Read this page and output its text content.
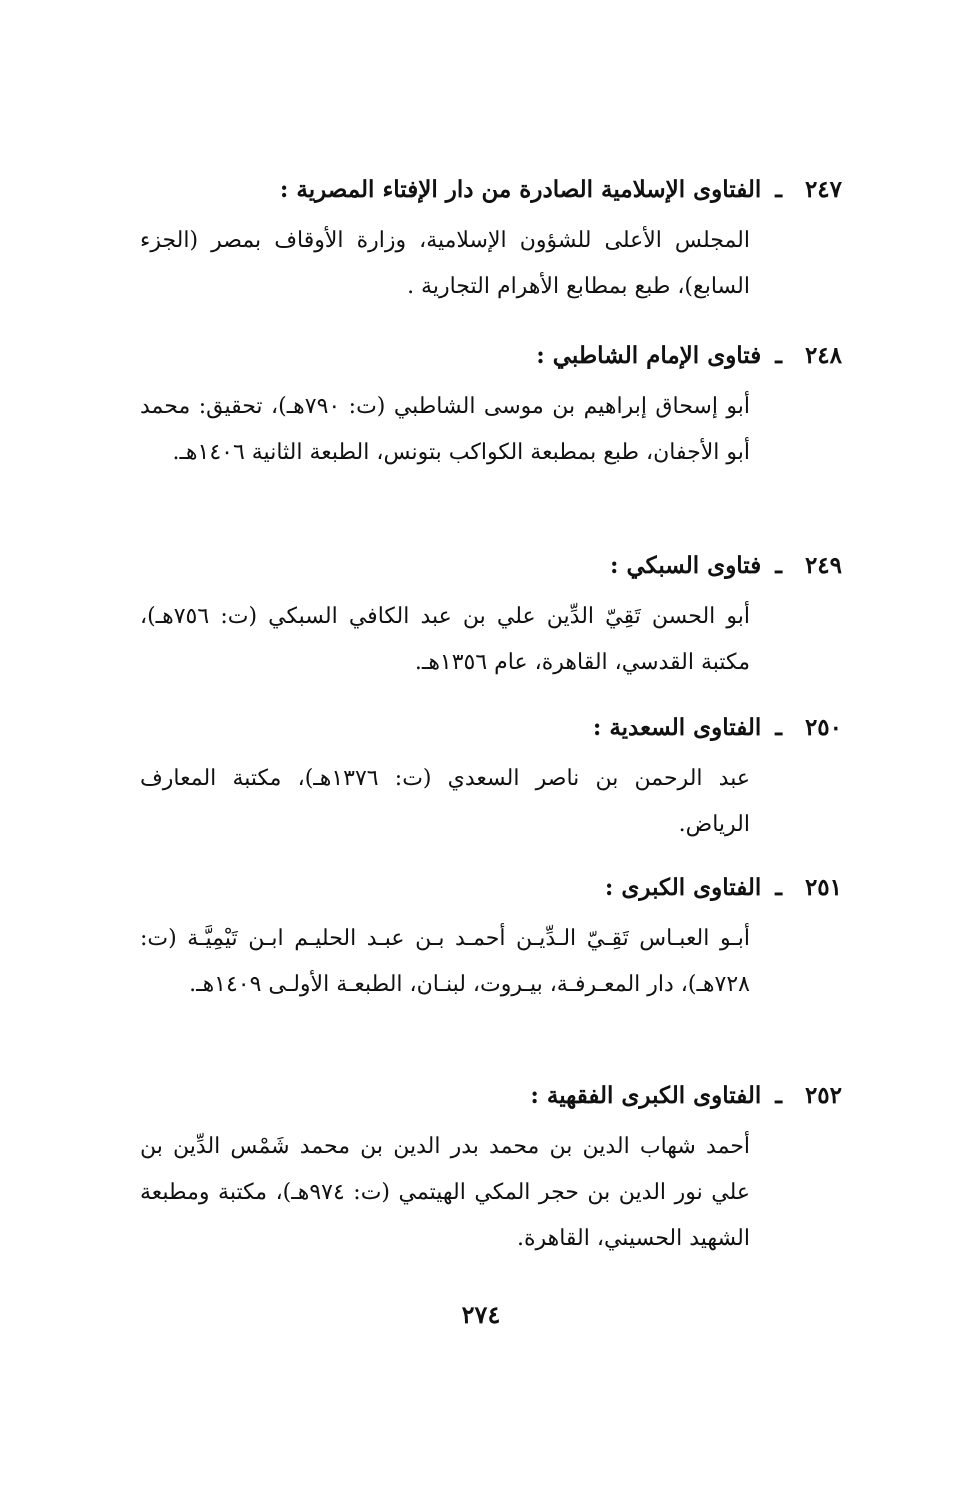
٢٤٧
ـ
الفتاوى الإسلامية الصادرة من دار الإفتاء المصرية :
المجلس الأعلى للشؤون الإسلامية، وزارة الأوقاف بمصر (الجزء السابع)، طبع بمطابع الأهرام التجارية .
٢٤٨
ـ
فتاوى الإمام الشاطبي :
أبو إسحاق إبراهيم بن موسى الشاطبي (ت: ٧٩٠هـ)، تحقيق: محمد أبو الأجفان، طبع بمطبعة الكواكب بتونس، الطبعة الثانية ١٤٠٦هـ.
٢٤٩
ـ
فتاوى السبكي :
أبو الحسن تَقِيّ الدِّين علي بن عبد الكافي السبكي (ت: ٧٥٦هـ)، مكتبة القدسي، القاهرة، عام ١٣٥٦هـ.
٢٥٠
ـ
الفتاوى السعدية :
عبد الرحمن بن ناصر السعدي (ت: ١٣٧٦هـ)، مكتبة المعارف الرياض.
٢٥١
ـ
الفتاوى الكبرى :
أبـو العبـاس تَقِـيّ الـدِّيـن أحمـد بـن عبـد الحليـم ابـن تَيْمِيَّـة (ت: ٧٢٨هـ)، دار المعـرفـة، بيـروت، لبنـان، الطبعـة الأولـى ١٤٠٩هـ.
٢٥٢
ـ
الفتاوى الكبرى الفقهية :
أحمد شهاب الدين بن محمد بدر الدين بن محمد شَمْس الدِّين بن علي نور الدين بن حجر المكي الهيتمي (ت: ٩٧٤هـ)، مكتبة ومطبعة الشهيد الحسيني، القاهرة.
٢٧٤
